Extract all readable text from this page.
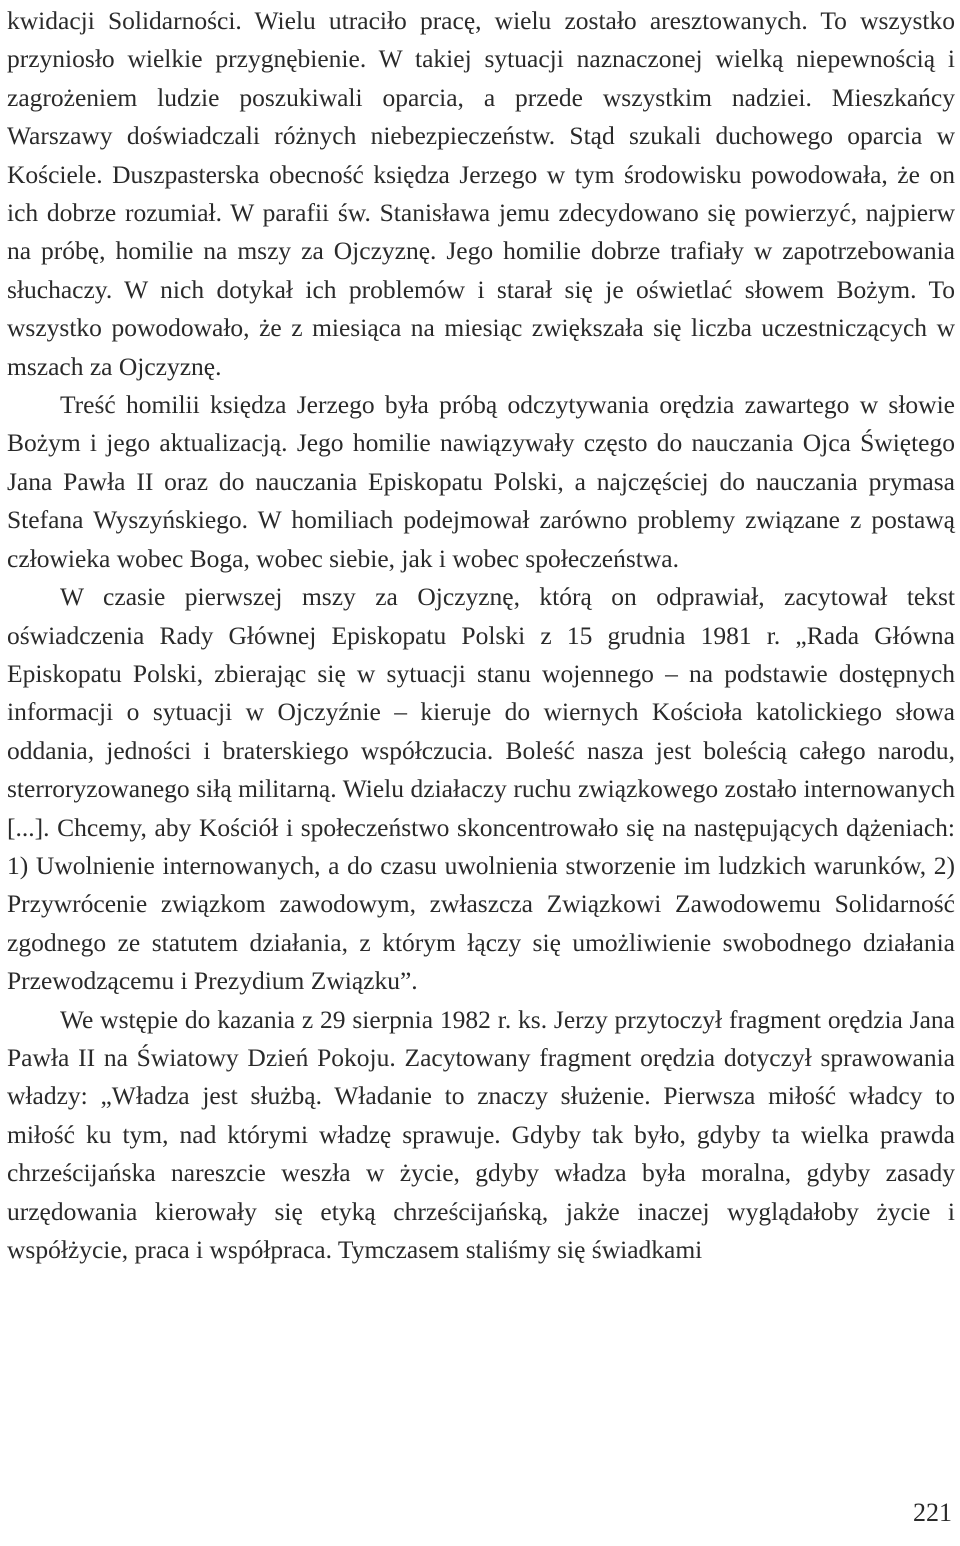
kwidacji Solidarności. Wielu utraciło pracę, wielu zostało aresztowanych. To wszystko przyniosło wielkie przygnębienie. W takiej sytuacji naznaczonej wielką niepewnością i zagrożeniem ludzie poszukiwali oparcia, a przede wszystkim nadziei. Mieszkańcy Warszawy doświadczali różnych niebezpieczeństw. Stąd szukali duchowego oparcia w Kościele. Duszpasterska obecność księdza Jerzego w tym środowisku powodowała, że on ich dobrze rozumiał. W parafii św. Stanisława jemu zdecydowano się powierzyć, najpierw na próbę, homilie na mszy za Ojczyznę. Jego homilie dobrze trafiały w zapotrzebowania słuchaczy. W nich dotykał ich problemów i starał się je oświetlać słowem Bożym. To wszystko powodowało, że z miesiąca na miesiąc zwiększała się liczba uczestniczących w mszach za Ojczyznę.

Treść homilii księdza Jerzego była próbą odczytywania orędzia zawartego w słowie Bożym i jego aktualizacją. Jego homilie nawiązywały często do nauczania Ojca Świętego Jana Pawła II oraz do nauczania Episkopatu Polski, a najczęściej do nauczania prymasa Stefana Wyszyńskiego. W homiliach podejmował zarówno problemy związane z postawą człowieka wobec Boga, wobec siebie, jak i wobec społeczeństwa.

W czasie pierwszej mszy za Ojczyznę, którą on odprawiał, zacytował tekst oświadczenia Rady Głównej Episkopatu Polski z 15 grudnia 1981 r. „Rada Główna Episkopatu Polski, zbierając się w sytuacji stanu wojennego – na podstawie dostępnych informacji o sytuacji w Ojczyźnie – kieruje do wiernych Kościoła katolickiego słowa oddania, jedności i braterskiego współczucia. Boleść nasza jest boleścią całego narodu, sterroryzowanego siłą militarną. Wielu działaczy ruchu związkowego zostało internowanych [...]. Chcemy, aby Kościół i społeczeństwo skoncentrowało się na następujących dążeniach: 1) Uwolnienie internowanych, a do czasu uwolnienia stworzenie im ludzkich warunków, 2) Przywrócenie związkom zawodowym, zwłaszcza Związkowi Zawodowemu Solidarność zgodnego ze statutem działania, z którym łączy się umożliwienie swobodnego działania Przewodzącemu i Prezydium Związku”.

We wstępie do kazania z 29 sierpnia 1982 r. ks. Jerzy przytoczył fragment orędzia Jana Pawła II na Światowy Dzień Pokoju. Zacytowany fragment orędzia dotyczył sprawowania władzy: „Władza jest służbą. Władanie to znaczy służenie. Pierwsza miłość władcy to miłość ku tym, nad którymi władzę sprawuje. Gdyby tak było, gdyby ta wielka prawda chrześcijańska nareszcie weszła w życie, gdyby władza była moralna, gdyby zasady urzędowania kierowały się etyką chrześcijańską, jakże inaczej wyglądałoby życie i współżycie, praca i współpraca. Tymczasem staliśmy się świadkami

221
